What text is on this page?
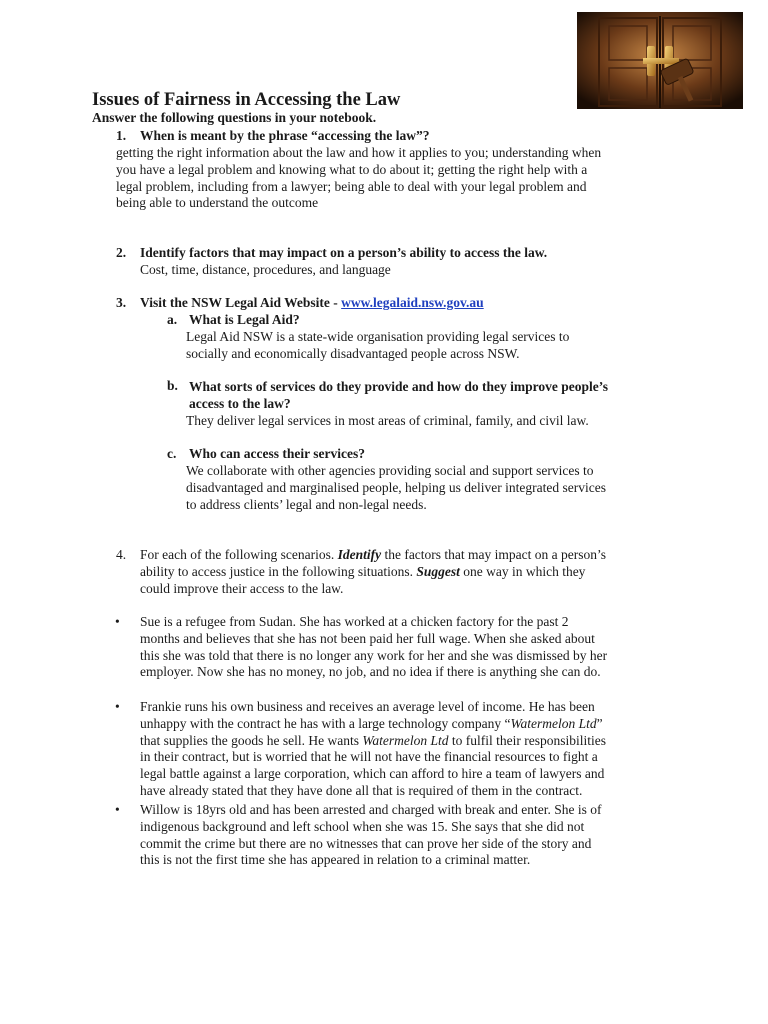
Issues of Fairness in Accessing the Law
Answer the following questions in your notebook.
1. When is meant by the phrase “accessing the law”?
getting the right information about the law and how it applies to you; understanding when
you have a legal problem and knowing what to do about it; getting the right help with a
legal problem, including from a lawyer; being able to deal with your legal problem and
being able to understand the outcome
2. Identify factors that may impact on a person’s ability to access the law.
Cost, time, distance, procedures, and language
3. Visit the NSW Legal Aid Website - www.legalaid.nsw.gov.au
a. What is Legal Aid?
Legal Aid NSW is a state-wide organisation providing legal services to
socially and economically disadvantaged people across NSW.
b. What sorts of services do they provide and how do they improve people’s
access to the law?
They deliver legal services in most areas of criminal, family, and civil law.
c. Who can access their services?
We collaborate with other agencies providing social and support services to
disadvantaged and marginalised people, helping us deliver integrated services
to address clients’ legal and non-legal needs.
4. For each of the following scenarios. Identify the factors that may impact on a person’s
ability to access justice in the following situations. Suggest one way in which they
could improve their access to the law.
• Sue is a refugee from Sudan. She has worked at a chicken factory for the past 2
months and believes that she has not been paid her full wage. When she asked about
this she was told that there is no longer any work for her and she was dismissed by her
employer. Now she has no money, no job, and no idea if there is anything she can do.
• Frankie runs his own business and receives an average level of income. He has been
unhappy with the contract he has with a large technology company “Watermelon Ltd”
that supplies the goods he sell. He wants Watermelon Ltd to fulfil their responsibilities
in their contract, but is worried that he will not have the financial resources to fight a
legal battle against a large corporation, which can afford to hire a team of lawyers and
have already stated that they have done all that is required of them in the contract.
• Willow is 18yrs old and has been arrested and charged with break and enter. She is of
indigenous background and left school when she was 15. She says that she did not
commit the crime but there are no witnesses that can prove her side of the story and
this is not the first time she has appeared in relation to a criminal matter.
